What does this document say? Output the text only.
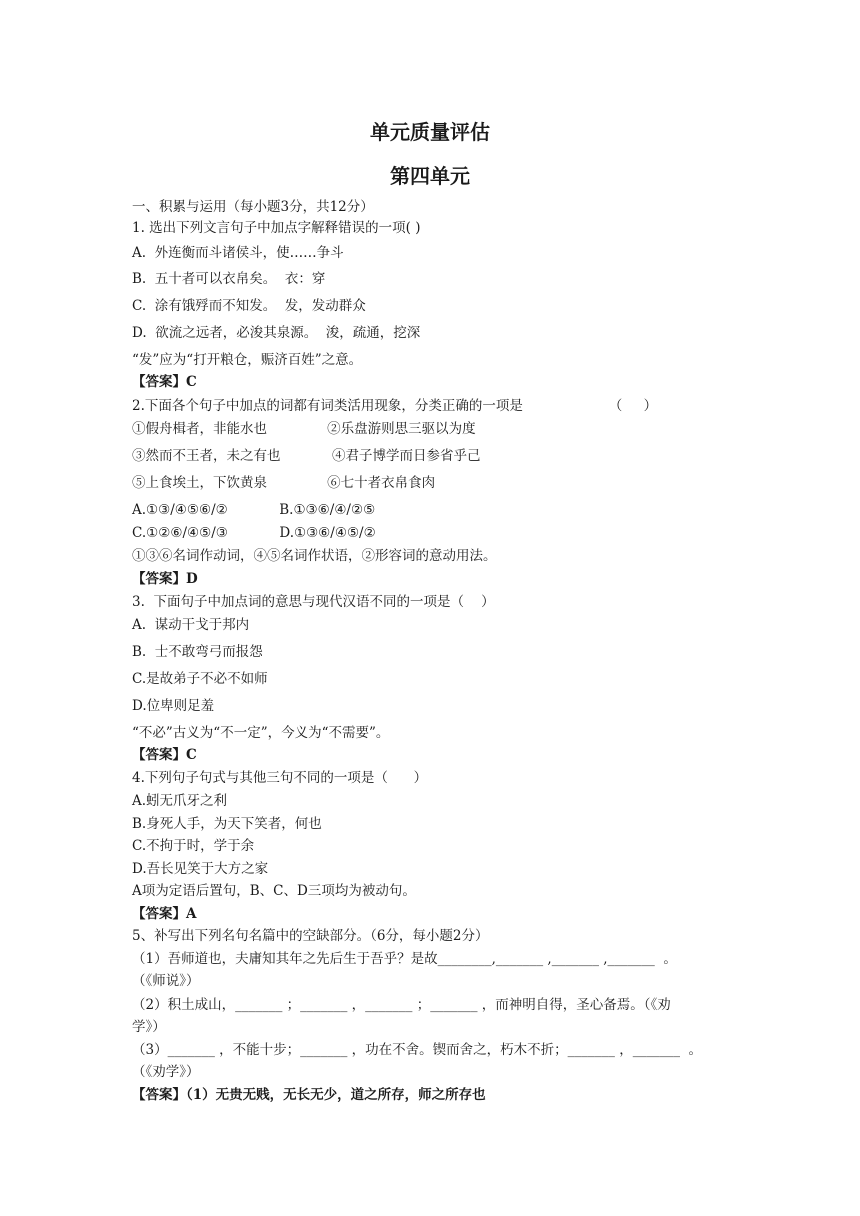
单元质量评估
第四单元
一、积累与运用（每小题3分，共12分）
1. 选出下列文言句子中加点字解释错误的一项( )
A.  外连衡而斗诸侯斗，使……争斗
B.  五十者可以衣帛矣。  衣：穿
C.  涂有饿殍而不知发。  发，发动群众
D.  欲流之远者，必浚其泉源。  浚，疏通，挖深
“发”应为“打开粮仓，赈济百姓”之意。
【答案】C
2.下面各个句子中加点的词都有词类活用现象，分类正确的一项是                    （     ）
①假舟楫者，非能水也              ②乐盘游则思三驱以为度
③然而不王者，未之有也            ④君子博学而日参省乎己
⑤上食埃土，下饮黄泉              ⑥七十者衣帛食肉
A.①③/④⑤⑥/②            B.①③⑥/④/②⑤
C.①②⑥/④⑤/③            D.①③⑥/④⑤/②
①③⑥名词作动词，④⑤名词作状语，②形容词的意动用法。
【答案】D
3.  下面句子中加点词的意思与现代汉语不同的一项是（    ）
A.  谋动干戈于邦内
B.  士不敢弯弓而报怨
C.是故弟子不必不如师
D.位卑则足羞
“不必”古义为“不一定”，今义为“不需要”。
【答案】C
4.下列句子句式与其他三句不同的一项是（      ）
A.蚓无爪牙之利
B.身死人手，为天下笑者，何也
C.不拘于时，学于余
D.吾长见笑于大方之家
A项为定语后置句，B、C、D三项均为被动句。
【答案】A
5、补写出下列名句名篇中的空缺部分。（6分，每小题2分）
（1）吾师道也，夫庸知其年之先后生于吾乎？是故________,_______ ,_______ ,_______  。
（《师说》）
（2）积土成山，_______ ；_______ ，_______ ；_______ ，而神明自得，圣心备焉。（《劝
学》）
（3）_______ ，不能十步；_______ ，功在不舍。锲而舍之，朽木不折；_______ ，_______  。
（《劝学》）
【答案】（1）无贵无贱，无长无少，道之所存，师之所存也
